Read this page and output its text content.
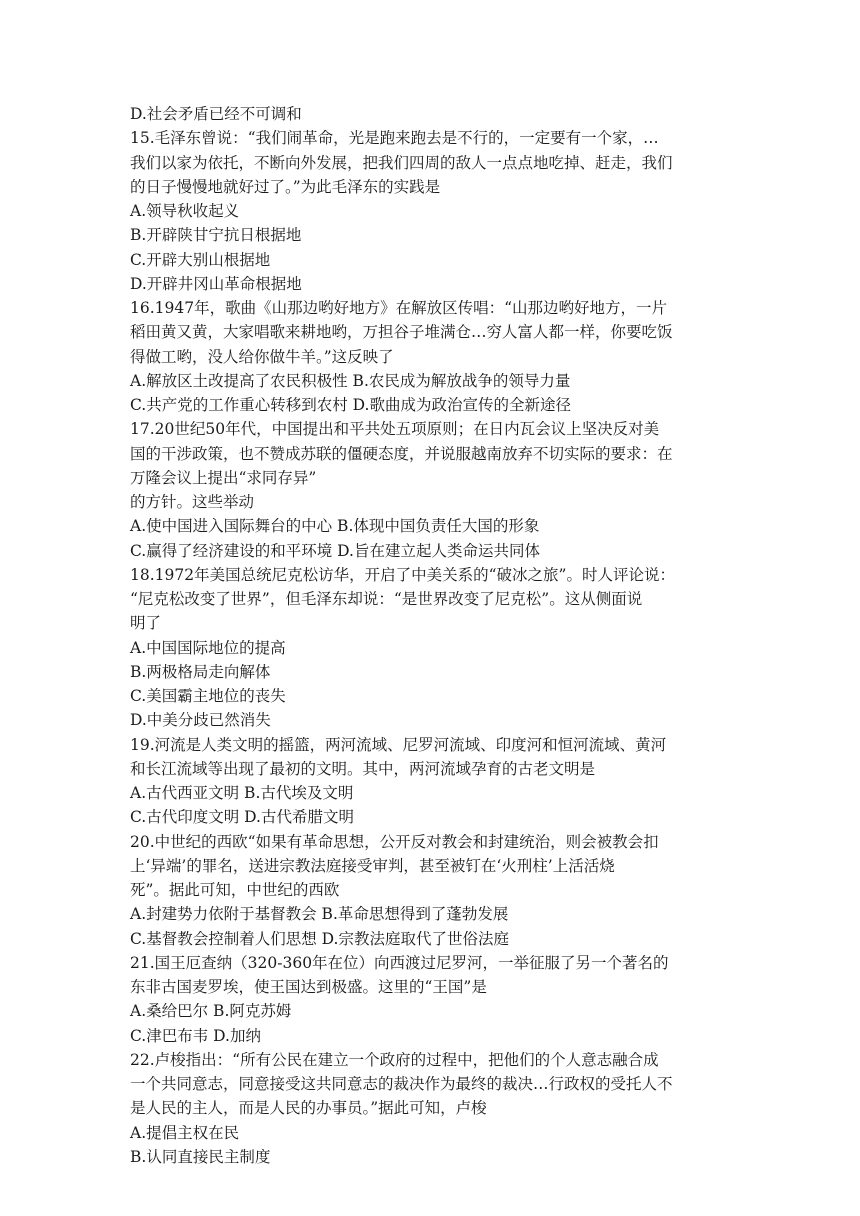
D.社会矛盾已经不可调和
15.毛泽东曾说：“我们闹革命，光是跑来跑去是不行的，一定要有一个家，…
我们以家为依托，不断向外发展，把我们四周的敌人一点点地吃掉、赶走，我们
的日子慢慢地就好过了。”为此毛泽东的实践是
A.领导秋收起义
B.开辟陕甘宁抗日根据地
C.开辟大别山根据地
D.开辟井冈山革命根据地
16.1947年，歌曲《山那边哟好地方》在解放区传唱：“山那边哟好地方，一片
稻田黄又黄，大家唱歌来耕地哟，万担谷子堆满仓…穷人富人都一样，你要吃饭
得做工哟，没人给你做牛羊。”这反映了
A.解放区土改提高了农民积极性 B.农民成为解放战争的领导力量
C.共产党的工作重心转移到农村 D.歌曲成为政治宣传的全新途径
17.20世纪50年代，中国提出和平共处五项原则；在日内瓦会议上坚决反对美
国的干涉政策，也不赞成苏联的僵硬态度，并说服越南放弃不切实际的要求：在
万隆会议上提出“求同存异”
的方针。这些举动
A.使中国进入国际舞台的中心 B.体现中国负责任大国的形象
C.赢得了经济建设的和平环境 D.旨在建立起人类命运共同体
18.1972年美国总统尼克松访华，开启了中美关系的“破冰之旅”。时人评论说：
“尼克松改变了世界”，但毛泽东却说：“是世界改变了尼克松”。这从侧面说
明了
A.中国国际地位的提高
B.两极格局走向解体
C.美国霸主地位的丧失
D.中美分歧已然消失
19.河流是人类文明的摇篮，两河流域、尼罗河流域、印度河和恒河流域、黄河
和长江流域等出现了最初的文明。其中，两河流域孕育的古老文明是
A.古代西亚文明 B.古代埃及文明
C.古代印度文明 D.古代希腊文明
20.中世纪的西欧“如果有革命思想，公开反对教会和封建统治，则会被教会扣
上‘异端’的罪名，送进宗教法庭接受审判，甚至被钉在‘火刑柱’上活活烧
死”。据此可知，中世纪的西欧
A.封建势力依附于基督教会 B.革命思想得到了蓬勃发展
C.基督教会控制着人们思想 D.宗教法庭取代了世俗法庭
21.国王厄查纳（320-360年在位）向西渡过尼罗河，一举征服了另一个著名的
东非古国麦罗埃，使王国达到极盛。这里的“王国”是
A.桑给巴尔 B.阿克苏姆
C.津巴布韦 D.加纳
22.卢梭指出：“所有公民在建立一个政府的过程中，把他们的个人意志融合成
一个共同意志，同意接受这共同意志的裁决作为最终的裁决…行政权的受托人不
是人民的主人，而是人民的办事员。”据此可知，卢梭
A.提倡主权在民
B.认同直接民主制度
